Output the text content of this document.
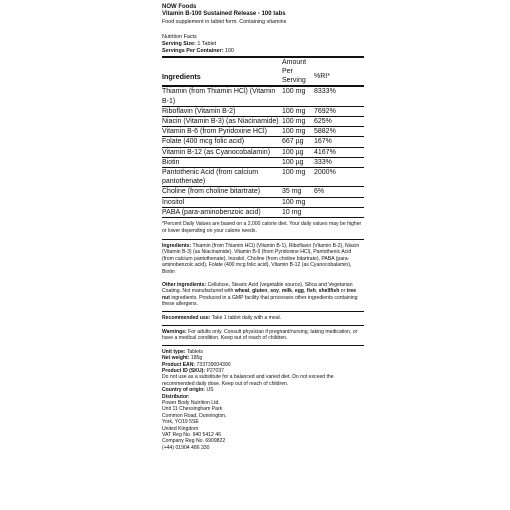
NOW Foods
Vitamin B-100 Sustained Release - 100 tabs
Food supplement in tablet form. Containing vitamins
Nutrition Facts
Serving Size: 1 Tablet
Servings Per Container: 100
Ingredients	Amount Per Serving	%RI*
Thiamin (from Thiamin HCl) (Vitamin B-1)	100 mg	8333%
Riboflavin (Vitamin B-2)	100 mg	7692%
Niacin (Vitamin B-3) (as Niacinamide)	100 mg	625%
Vitamin B-6 (from Pyridoxine HCl)	100 mg	5882%
Folate (400 mcg folic acid)	667 µg	167%
Vitamin B-12 (as Cyanocobalamin)	100 µg	4167%
Biotin	100 µg	333%
Pantothenic Acid (from calcium pantothenate)	100 mg	2000%
Choline (from choline bitartrate)	35 mg	6%
Inositol	100 mg	
PABA (para-aminobenzoic acid)	10 mg	
*Percent Daily Values are based on a 2,000 calorie diet. Your daily values may be higher or lower depending on your calorie needs.

Ingredients: Thiamin (from Thiamin HCl) (Vitamin B-1), Riboflavin (Vitamin B-2), Niacin (Vitamin B-3) (as Niacinamide), Vitamin B-6 (from Pyridoxine HCl), Pantothenic Acid (from calcium pantothenate), Inositol, Choline (from choline bitartrate), PABA (para-aminobenzoic acid), Folate (400 mcg folic acid), Vitamin B-12 (as Cyanocobalamin), Biotin

Other ingredients: Cellulose, Stearic Acid (vegetable source), Silica and Vegetarian Coating. Not manufactured with wheat, gluten, soy, milk, egg, fish, shellfish or tree nut ingredients. Produced in a GMP facility that processes other ingredients containing these allergens.

Recommended use: Take 1 tablet daily with a meal.
Warnings: For adults only. Consult physician if pregnant/nursing, taking medication, or have a medical condition. Keep out of reach of children.
Unit type: Tablets
Net weight: 185g
Product EAN: 733739004390
Product ID (SKU): P27037
Do not use as a substitute for a balanced and varied diet. Do not exceed the recommended daily dose. Keep out of reach of children.
Country of origin: US
Distributor:
Power Body Nutrition Ltd.
Unit 11 Chessingham Park
Common Road, Dunnington,
York, YO19 5SE
United Kingdom
VAT Reg No. 940 5412 46
Company Reg No. 6909822
(+44) 01904 486 330
